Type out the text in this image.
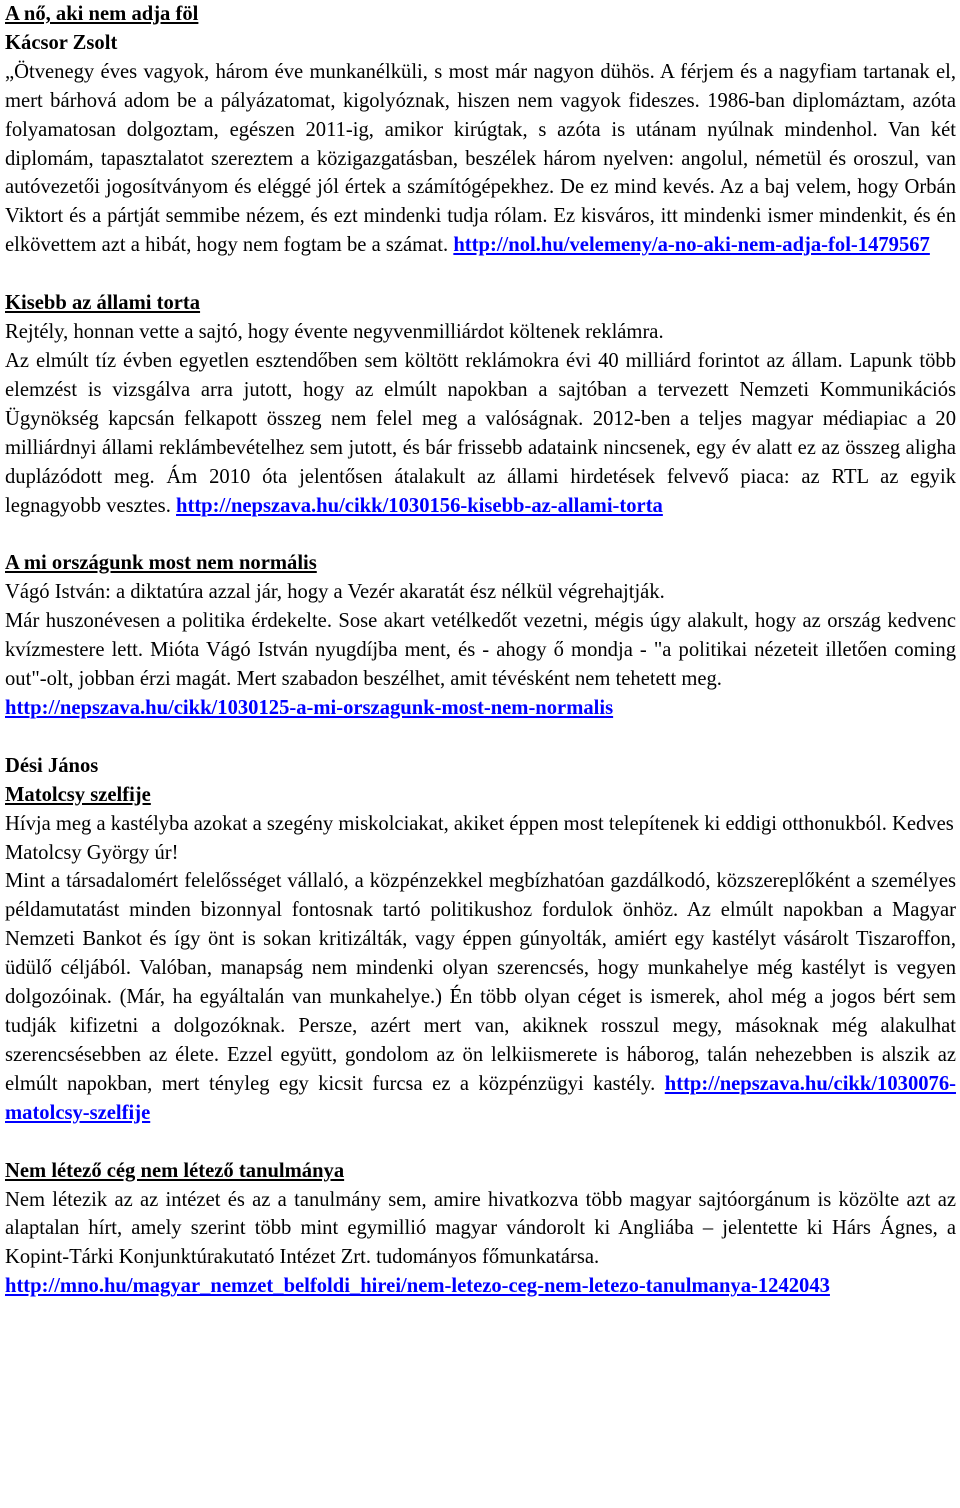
A nő, aki nem adja föl
Kácsor Zsolt

„Ötvenegy éves vagyok, három éve munkanélküli, s most már nagyon dühös. A férjem és a nagyfiam tartanak el, mert bárhová adom be a pályázatomat, kigolyóznak, hiszen nem vagyok fideszes. 1986-ban diplomáztam, azóta folyamatosan dolgoztam, egészen 2011-ig, amikor kirúgtak, s azóta is utánam nyúlnak mindenhol. Van két diplomám, tapasztalatot szereztem a közigazgatásban, beszélek három nyelven: angolul, németül és oroszul, van autóvezetői jogosítványom és eléggé jól értek a számítógépekhez. De ez mind kevés. Az a baj velem, hogy Orbán Viktort és a pártját semmibe nézem, és ezt mindenki tudja rólam. Ez kisváros, itt mindenki ismer mindenkit, és én elkövettem azt a hibát, hogy nem fogtam be a számat. http://nol.hu/velemeny/a-no-aki-nem-adja-fol-1479567

Kisebb az állami torta

Rejtély, honnan vette a sajtó, hogy évente negyvenmilliárdot költenek reklámra.

Az elmúlt tíz évben egyetlen esztendőben sem költött reklámokra évi 40 milliárd forintot az állam. Lapunk több elemzést is vizsgálva arra jutott, hogy az elmúlt napokban a sajtóban a tervezett Nemzeti Kommunikációs Ügynökség kapcsán felkapott összeg nem felel meg a valóságnak. 2012-ben a teljes magyar médiapiac a 20 milliárdnyi állami reklámbevételhez sem jutott, és bár frissebb adataink nincsenek, egy év alatt ez az összeg aligha duplázódott meg. Ám 2010 óta jelentősen átalakult az állami hirdetések felvevő piaca: az RTL az egyik legnagyobb vesztes. http://nepszava.hu/cikk/1030156-kisebb-az-allami-torta

A mi országunk most nem normális

Vágó István: a diktatúra azzal jár, hogy a Vezér akaratát ész nélkül végrehajtják.

Már huszonévesen a politika érdekelte. Sose akart vetélkedőt vezetni, mégis úgy alakult, hogy az ország kedvenc kvízmestere lett. Mióta Vágó István nyugdíjba ment, és - ahogy ő mondja - "a politikai nézeteit illetően coming out"-olt, jobban érzi magát. Mert szabadon beszélhet, amit tévésként nem tehetett meg.

http://nepszava.hu/cikk/1030125-a-mi-orszagunk-most-nem-normalis
Dési János
Matolcsy szelfije

Hívja meg a kastélyba azokat a szegény miskolciakat, akiket éppen most telepítenek ki eddigi otthonukból. Kedves Matolcsy György úr!

Mint a társadalomért felelősséget vállaló, a közpénzekkel megbízhatóan gazdálkodó, közszereplőként a személyes példamutatást minden bizonnyal fontosnak tartó politikushoz fordulok önhöz. Az elmúlt napokban a Magyar Nemzeti Bankot és így önt is sokan kritizálták, vagy éppen gúnyolták, amiért egy kastélyt vásárolt Tiszaroffon, üdülő céljából. Valóban, manapság nem mindenki olyan szerencsés, hogy munkahelye még kastélyt is vegyen dolgozóinak. (Már, ha egyáltalán van munkahelye.) Én több olyan céget is ismerek, ahol még a jogos bért sem tudják kifizetni a dolgozóknak. Persze, azért mert van, akiknek rosszul megy, másoknak még alakulhat szerencsésebben az élete. Ezzel együtt, gondolom az ön lelkiismerete is háborog, talán nehezebben is alszik az elmúlt napokban, mert tényleg egy kicsit furcsa ez a közpénzügyi kastély. http://nepszava.hu/cikk/1030076-matolcsy-szelfije

Nem létező cég nem létező tanulmánya

Nem létezik az az intézet és az a tanulmány sem, amire hivatkozva több magyar sajtóorgánum is közölte azt az alaptalan hírt, amely szerint több mint egymillió magyar vándorolt ki Angliába – jelentette ki Hárs Ágnes, a Kopint-Tárki Konjunktúrakutató Intézet Zrt. tudományos főmunkatársa.

http://mno.hu/magyar_nemzet_belfoldi_hirei/nem-letezo-ceg-nem-letezo-tanulmanya-1242043
